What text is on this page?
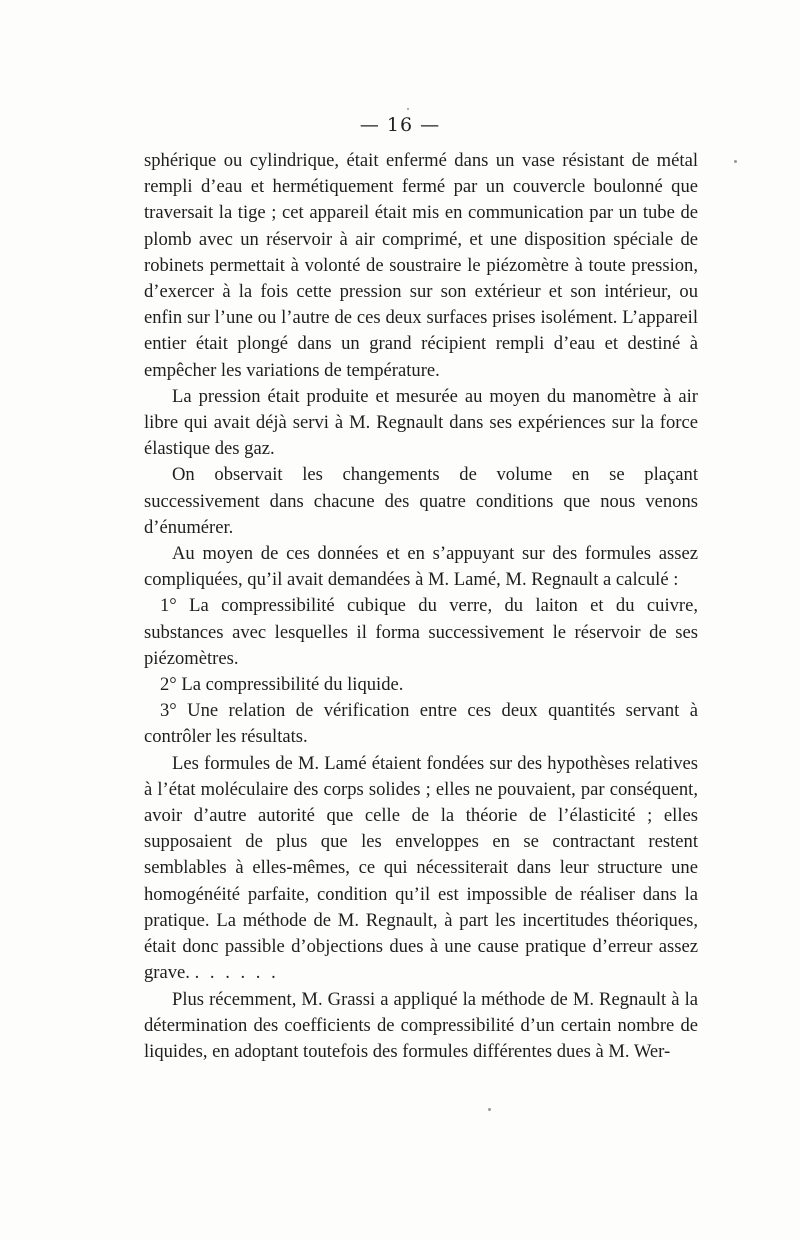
— 16 —

sphérique ou cylindrique, était enfermé dans un vase résistant de métal rempli d’eau et hermétiquement fermé par un couvercle boulonné que traversait la tige ; cet appareil était mis en communication par un tube de plomb avec un réservoir à air comprimé, et une disposition spéciale de robinets permettait à volonté de soustraire le piézomètre à toute pression, d’exercer à la fois cette pression sur son extérieur et son intérieur, ou enfin sur l’une ou l’autre de ces deux surfaces prises isolément. L’appareil entier était plongé dans un grand récipient rempli d’eau et destiné à empêcher les variations de température.

La pression était produite et mesurée au moyen du manomètre à air libre qui avait déjà servi à M. Regnault dans ses expériences sur la force élastique des gaz.

On observait les changements de volume en se plaçant successivement dans chacune des quatre conditions que nous venons d’énumérer.

Au moyen de ces données et en s’appuyant sur des formules assez compliquées, qu’il avait demandées à M. Lamé, M. Regnault a calculé :

1° La compressibilité cubique du verre, du laiton et du cuivre, substances avec lesquelles il forma successivement le réservoir de ses piézomètres.

2° La compressibilité du liquide.

3° Une relation de vérification entre ces deux quantités servant à contrôler les résultats.

Les formules de M. Lamé étaient fondées sur des hypothèses relatives à l’état moléculaire des corps solides ; elles ne pouvaient, par conséquent, avoir d’autre autorité que celle de la théorie de l’élasticité ; elles supposaient de plus que les enveloppes en se contractant restent semblables à elles-mêmes, ce qui nécessiterait dans leur structure une homogénéité parfaite, condition qu’il est impossible de réaliser dans la pratique. La méthode de M. Regnault, à part les incertitudes théoriques, était donc passible d’objections dues à une cause pratique d’erreur assez grave. . . . . . .

Plus récemment, M. Grassi a appliqué la méthode de M. Regnault à la détermination des coefficients de compressibilité d’un certain nombre de liquides, en adoptant toutefois des formules différentes dues à M. Wer-
